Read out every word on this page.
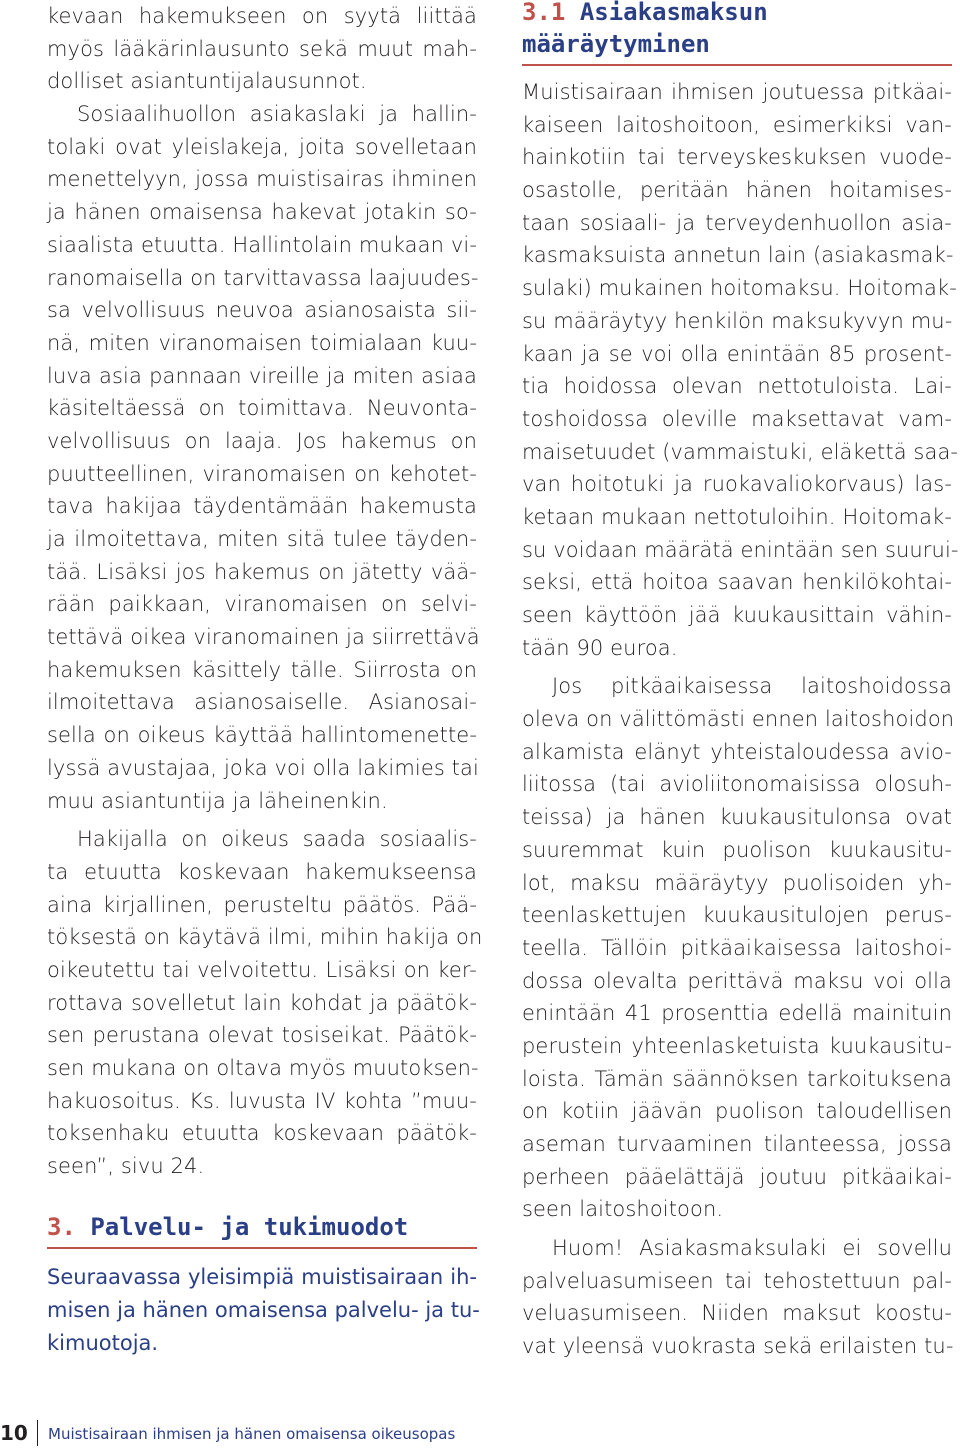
kevaan hakemukseen on syytä liittää
myös lääkärinlausunto sekä muut mah-
dolliset asiantuntijalausunnot.
Sosiaalihuollon asiakaslaki ja hallin-
tolaki ovat yleislakeja, joita sovelletaan
menettelyyn, jossa muistisairas ihminen
ja hänen omaisensa hakevat jotakin so-
siaalista etuutta. Hallintolain mukaan vi-
ranomaisella on tarvittavassa laajuudes-
sa velvollisuus neuvoa asianosaista sii-
nä, miten viranomaisen toimialaan kuu-
luva asia pannaan vireille ja miten asiaa
käsiteltäessä on toimittava. Neuvonta-
velvollisuus on laaja. Jos hakemus on
puutteellinen, viranomaisen on kehotet-
tava hakijaa täydentämään hakemusta
ja ilmoitettava, miten sitä tulee täyden-
tää. Lisäksi jos hakemus on jätetty vää-
rään paikkaan, viranomaisen on selvi-
tettävä oikea viranomainen ja siirrettävä
hakemuksen käsittely tälle. Siirrosta on
ilmoitettava asianosaiselle. Asianosai-
sella on oikeus käyttää hallintomenette-
lyssä avustajaa, joka voi olla lakimies tai
muu asiantuntija ja läheinenkin.
Hakijalla on oikeus saada sosiaalis-
ta etuutta koskevaan hakemukseensa
aina kirjallinen, perusteltu päätös. Pää-
töksestä on käytävä ilmi, mihin hakija on
oikeutettu tai velvoitettu. Lisäksi on ker-
rottava sovelletut lain kohdat ja päätök-
sen perustana olevat tosiseikat. Päätök-
sen mukana on oltava myös muutoksen-
hakuosoitus. Ks. luvusta IV kohta ”muu-
toksenhaku etuutta koskevaan päätök-
seen”, sivu 24.
3. Palvelu- ja tukimuodot
Seuraavassa yleisimpiä muistisairaan ih-
misen ja hänen omaisensa palvelu- ja tu-
kimuotoja.
3.1 Asiakasmaksun
määräytyminen
Muistisairaan ihmisen joutuessa pitkäai-
kaiseen laitoshoitoon, esimerkiksi van-
hainkotiin tai terveyskeskuksen vuode-
osastolle, peritään hänen hoitamises-
taan sosiaali- ja terveydenhuollon asia-
kasmaksuista annetun lain (asiakasmak-
sulaki) mukainen hoitomaksu. Hoitomak-
su määräytyy henkilön maksukyvyn mu-
kaan ja se voi olla enintään 85 prosent-
tia hoidossa olevan nettotuloista. Lai-
toshoidossa oleville maksettavat vam-
maisetuudet (vammaistuki, eläkettä saa-
van hoitotuki ja ruokavaliokorvaus) las-
ketaan mukaan nettotuloihin. Hoitomak-
su voidaan määrätä enintään sen suurui-
seksi, että hoitoa saavan henkilökohtai-
seen käyttöön jää kuukausittain vähin-
tään 90 euroa.
Jos pitkäaikaisessa laitoshoidossa
oleva on välittömästi ennen laitoshoidon
alkamista elänyt yhteistaloudessa avio-
liitossa (tai avioliitonomaisissa olosuh-
teissa) ja hänen kuukausitulonsa ovat
suuremmat kuin puolison kuukausitu-
lot, maksu määräytyy puolisoiden yh-
teenlaskettujen kuukausitulojen perus-
teella. Tällöin pitkäaikaisessa laitoshoi-
dossa olevalta perittävä maksu voi olla
enintään 41 prosenttia edellä mainituin
perustein yhteenlasketuista kuukausitu-
loista. Tämän säännöksen tarkoituksena
on kotiin jäävän puolison taloudellisen
aseman turvaaminen tilanteessa, jossa
perheen pääelättäjä joutuu pitkäaikai-
seen laitoshoitoon.
Huom! Asiakasmaksulaki ei sovellu
palveluasumiseen tai tehostettuun pal-
veluasumiseen. Niiden maksut koostu-
vat yleensä vuokrasta sekä erilaisten tu-
10 Muistisairaan ihmisen ja hänen omaisensa oikeusopas
